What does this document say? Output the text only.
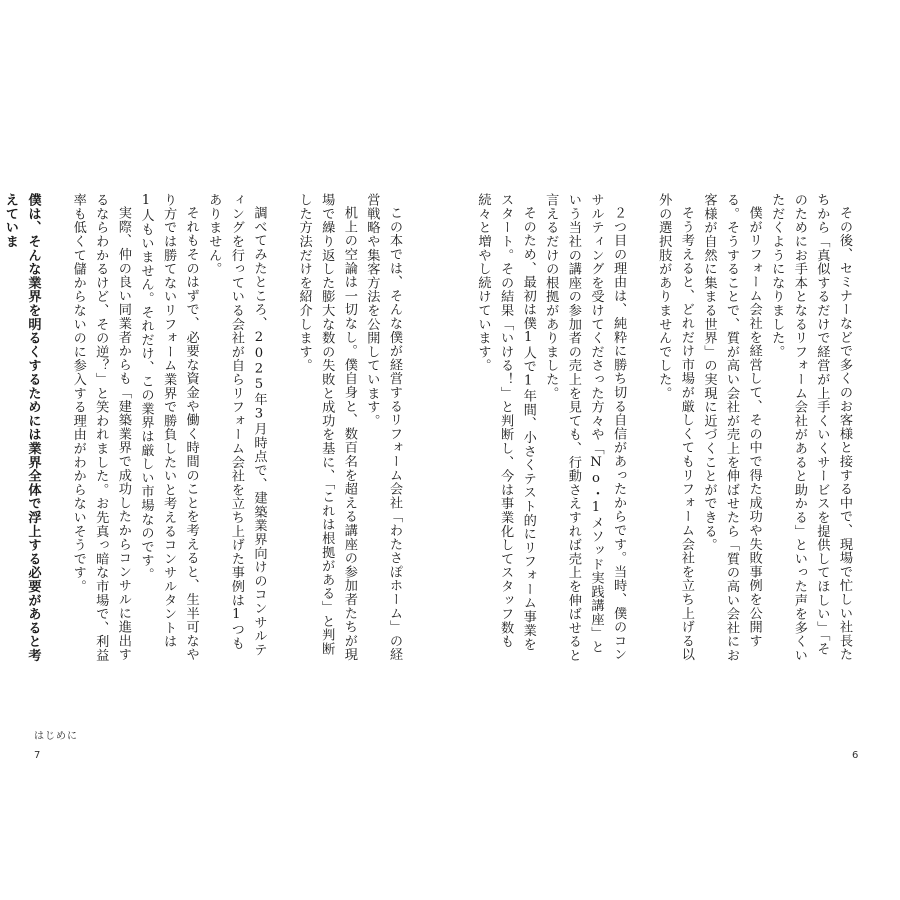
その後、セミナーなどで多くのお客様と接する中で、現場で忙しい社長たちから「真似するだけで経営が上手くいくサービスを提供してほしい」「そのためにお手本となるリフォーム会社があると助かる」といった声を多くいただくようになりました。

僕がリフォーム会社を経営して、その中で得た成功や失敗事例を公開する。そうすることで、質が高い会社が売上を伸ばせたら「質の高い会社にお客様が自然に集まる世界」の実現に近づくことができる。

そう考えると、どれだけ市場が厳しくてもリフォーム会社を立ち上げる以外の選択肢がありませんでした。

２つ目の理由は、純粋に勝ち切る自信があったからです。当時、僕のコンサルティングを受けてくださった方々や「No・1メソッド実践講座」という当社の講座の参加者の売上を見ても、行動さえすれば売上を伸ばせると言えるだけの根拠がありました。

そのため、最初は僕1人で1年間、小さくテスト的にリフォーム事業をスタート。その結果「いける！」と判断し、今は事業化してスタッフ数も続々と増やし続けています。

この本では、そんな僕が経営するリフォーム会社「わたさぽホーム」の経営戦略や集客方法を公開しています。

机上の空論は一切なし。僕自身と、数百名を超える講座の参加者たちが現場で繰り返した膨大な数の失敗と成功を基に、「これは根拠がある」と判断した方法だけを紹介します。

調べてみたところ、2025年3月時点で、建築業界向けのコンサルティングを行っている会社が自らリフォーム会社を立ち上げた事例は1つもありません。

それもそのはずで、必要な資金や働く時間のことを考えると、生半可なやり方では勝てないリフォーム業界で勝負したいと考えるコンサルタントは1人もいません。それだけ、この業界は厳しい市場なのです。

実際、仲の良い同業者からも「建築業界で成功したからコンサルに進出するならわかるけど、その逆？」と笑われました。お先真っ暗な市場で、利益率も低くて儲からないのに参入する理由がわからないそうです。

僕は、そんな業界を明るくするためには業界全体で浮上する必要があると考えていま

はじめに
7	6
